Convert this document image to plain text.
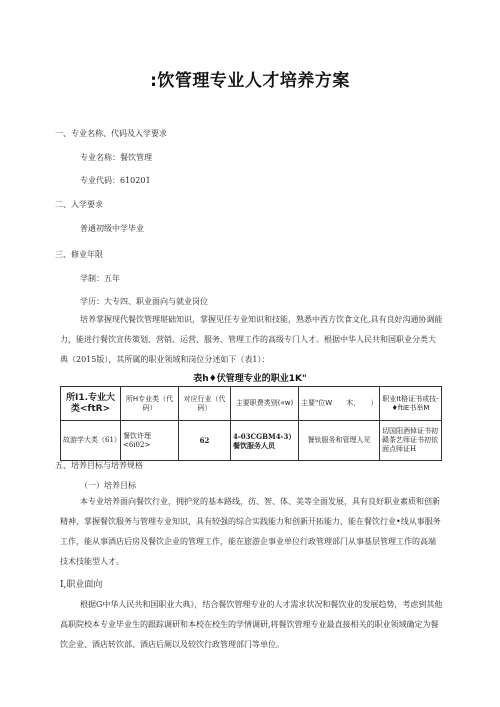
:饮管理专业人才培养方案
一、专业名称、代码及入学要求
专业名称：餐饮管理
专业代码：610201
二、入学要求
普通初级中学毕业
三、修业年限
学制：五年
学历：大专四、职业面向与就业岗位
培养掌握现代餐饮管理堪础知识，掌握见任专业知识和技能，熟悉中西方饮食文化,具有良好沟通协调能力，能进行餐饮宣传策划、营销、运营、服务、管理工作的高级专门人才。根据中华人民共和国职业分类大典（2015版），其所属的职业领域和岗位分述如下（表1）：
表h♦伏管理专业的职业1K"
所I1.专业大类<ftR>	所H专业类（代码）	对应行业（代码）	主要职费类别(«w)	主要"位W　　木，　　）	职业It格证书或技-♦ftiE书举M
故游学大类（61）	餐饮许理<6i02>	62	4-03CGBM4-3）餐饮服务人员	餐钛服务和管理人见	切国阳酒倬证书初赣茶艺师证书初依面点师证H
五、培养目标与培养规格
（一）培养目标
本专业培养面向餐饮行业，拥护党的基本路线，彷、智、体、美等全面发展，具有良好职业素质和创新精神，掌握餐饮服务与管理专业知识，具有较强的综合实践能力和创新开拓能力，能在餐饮行业•线从事服务工作，能从事酒店后房及餐饮企业的管理工作，能在旅游企事业单位行政管理部门从事基层管理工作的高端技术技能型人才。
I,职业面向
根据G中华人民共和国职业大典》，结合餐饮管理专业的人才需求状况和餐饮业的发展趋势，考虑到其他高职院校本专业毕业生的跟踪调研和本校在校生的学情调研,将餐饮管理专业最直接相关的职业领域确定为餐饮企业、酒店转饮部、酒店后厕以及较饮行政管理部门等单位。
